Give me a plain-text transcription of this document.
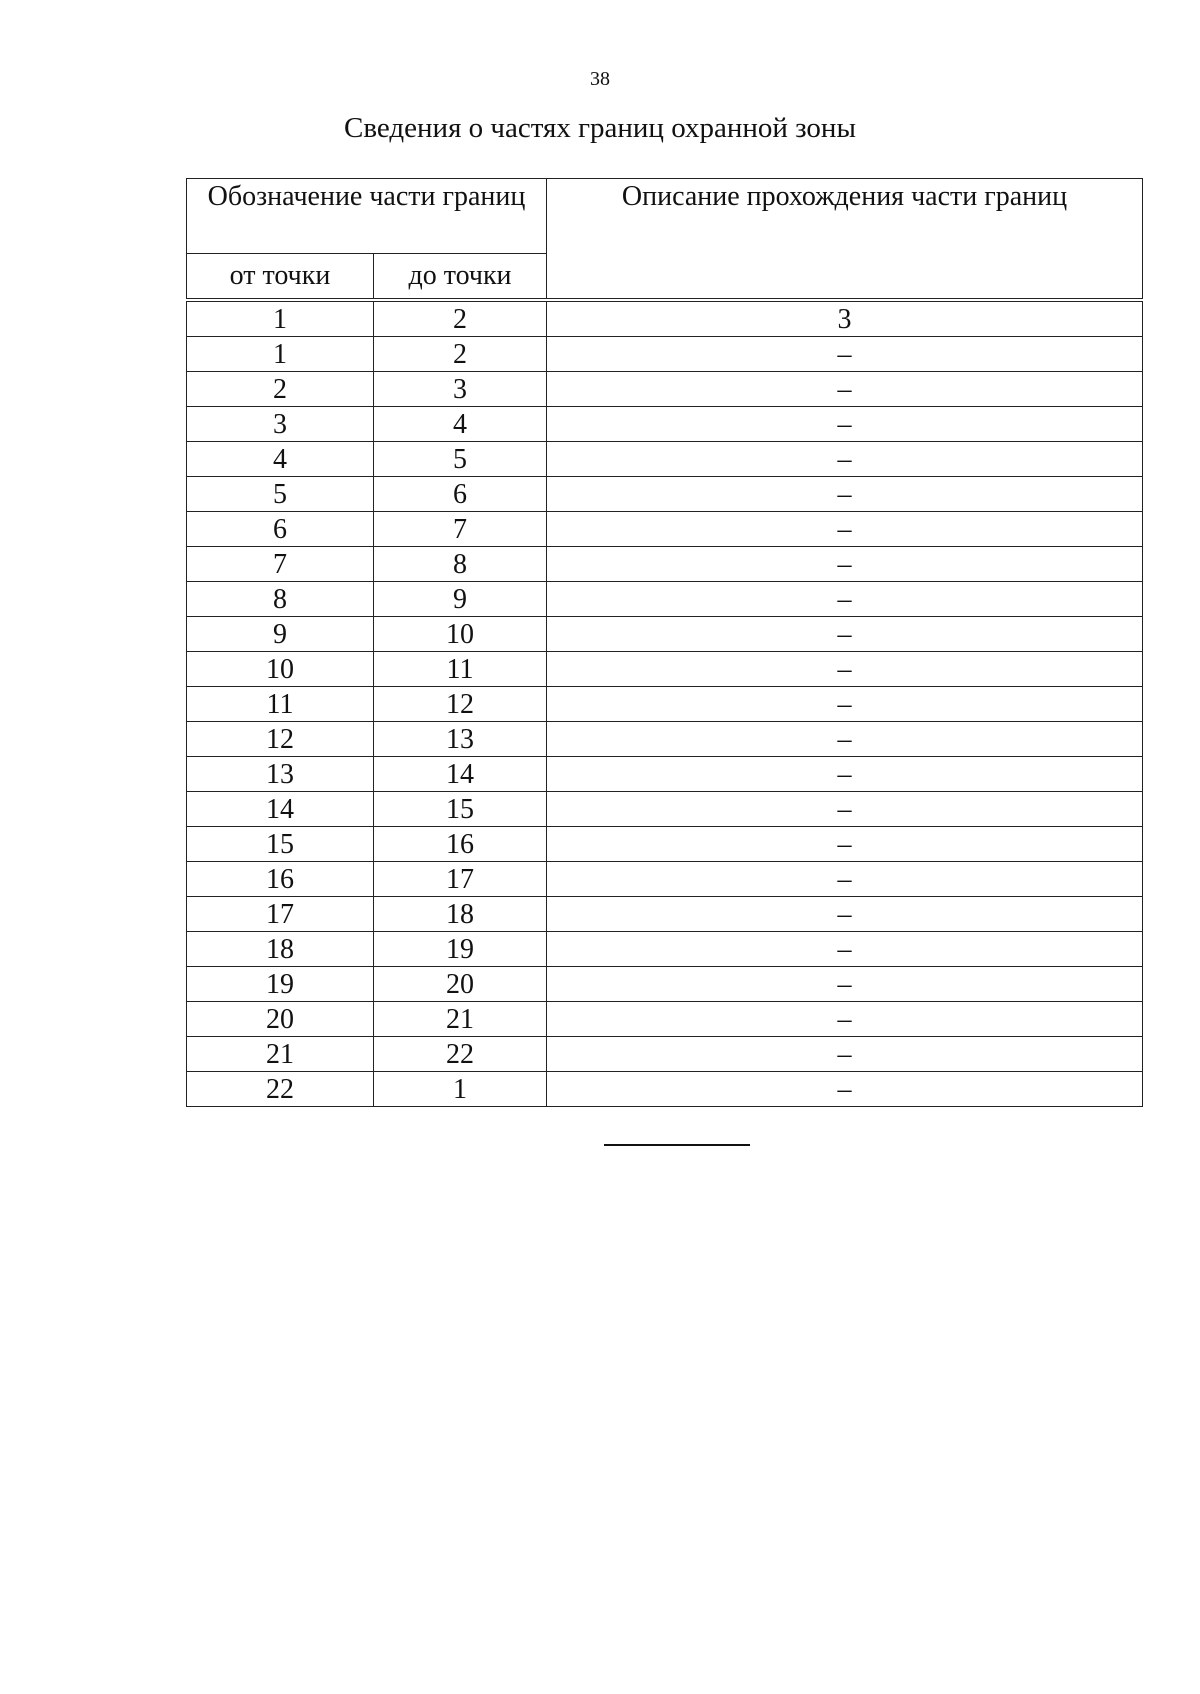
38
Сведения о частях границ охранной зоны
Обозначение части границ		Описание прохождения части границ
от точки	до точки	

1	2	3
1	2	–
2	3	–
3	4	–
4	5	–
5	6	–
6	7	–
7	8	–
8	9	–
9	10	–
10	11	–
11	12	–
12	13	–
13	14	–
14	15	–
15	16	–
16	17	–
17	18	–
18	19	–
19	20	–
20	21	–
21	22	–
22	1	–
